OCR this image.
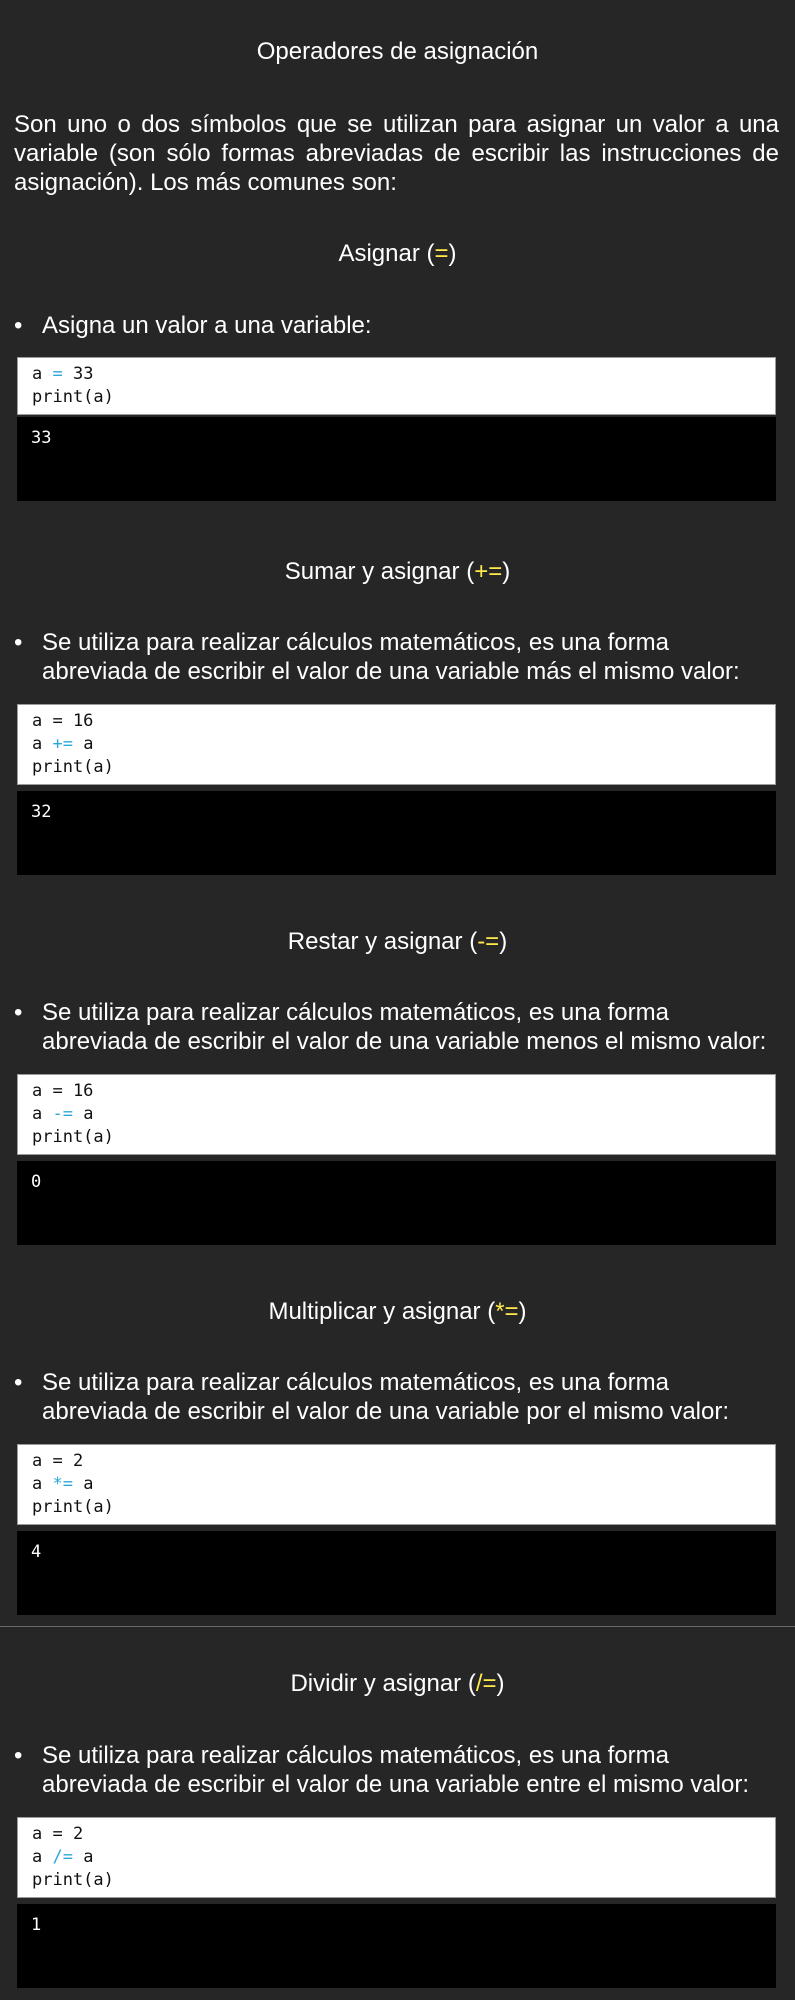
Operadores de asignación

Son uno o dos símbolos que se utilizan para asignar un valor a una variable (son sólo formas abreviadas de escribir las instrucciones de asignación). Los más comunes son:

Asignar (=)

• Asigna un valor a una variable:

a = 33
print(a)
33
Sumar y asignar (+=)

• Se utiliza para realizar cálculos matemáticos, es una forma abreviada de escribir el valor de una variable más el mismo valor:

a = 16
a += a
print(a)
32
Restar y asignar (-=)

• Se utiliza para realizar cálculos matemáticos, es una forma abreviada de escribir el valor de una variable menos el mismo valor:

a = 16
a -= a
print(a)
0
Multiplicar y asignar (*=)

• Se utiliza para realizar cálculos matemáticos, es una forma abreviada de escribir el valor de una variable por el mismo valor:

a = 2
a *= a
print(a)
4
Dividir y asignar (/=)

• Se utiliza para realizar cálculos matemáticos, es una forma abreviada de escribir el valor de una variable entre el mismo valor:

a = 2
a /= a
print(a)
1
